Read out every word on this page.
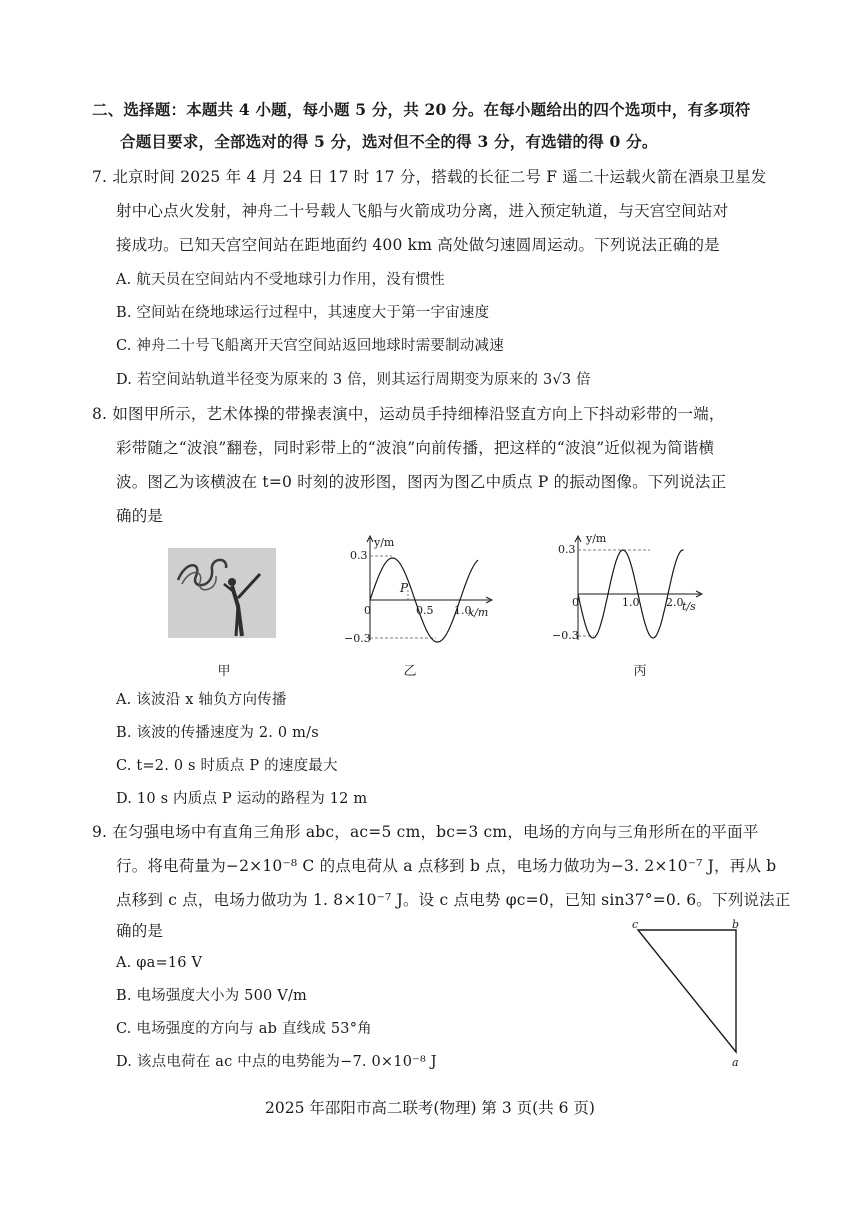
二、选择题：本题共 4 小题，每小题 5 分，共 20 分。在每小题给出的四个选项中，有多项符
合题目要求，全部选对的得 5 分，选对但不全的得 3 分，有选错的得 0 分。
7. 北京时间 2025 年 4 月 24 日 17 时 17 分，搭载的长征二号 F 遥二十运载火箭在酒泉卫星发
射中心点火发射，神舟二十号载人飞船与火箭成功分离，进入预定轨道，与天宫空间站对
接成功。已知天宫空间站在距地面约 400 km 高处做匀速圆周运动。下列说法正确的是
A. 航天员在空间站内不受地球引力作用，没有惯性
B. 空间站在绕地球运行过程中，其速度大于第一宇宙速度
C. 神舟二十号飞船离开天宫空间站返回地球时需要制动减速
D. 若空间站轨道半径变为原来的 3 倍，则其运行周期变为原来的 3√3 倍
8. 如图甲所示，艺术体操的带操表演中，运动员手持细棒沿竖直方向上下抖动彩带的一端，
彩带随之“波浪”翻卷，同时彩带上的“波浪”向前传播，把这样的“波浪”近似视为简谐横
波。图乙为该横波在 t=0 时刻的波形图，图丙为图乙中质点 P 的振动图像。下列说法正
确的是
甲
P
y/m
x/m
0.3
−0.3
0	0.5 1.0
乙
y/m
t/s
0.3
−0.3
0	1.0 2.0
丙
A. 该波沿 x 轴负方向传播
B. 该波的传播速度为 2. 0 m/s
C. t=2. 0 s 时质点 P 的速度最大
D. 10 s 内质点 P 运动的路程为 12 m
9. 在匀强电场中有直角三角形 abc，ac=5 cm，bc=3 cm，电场的方向与三角形所在的平面平
行。将电荷量为−2×10⁻⁸ C 的点电荷从 a 点移到 b 点，电场力做功为−3. 2×10⁻⁷ J，再从 b
点移到 c 点，电场力做功为 1. 8×10⁻⁷ J。设 c 点电势 φc=0，已知 sin37°=0. 6。下列说法正
确的是	c	b
a
A. φa=16 V
B. 电场强度大小为 500 V/m
C. 电场强度的方向与 ab 直线成 53°角
D. 该点电荷在 ac 中点的电势能为−7. 0×10⁻⁸ J
2025 年邵阳市高二联考(物理) 第 3 页(共 6 页)
